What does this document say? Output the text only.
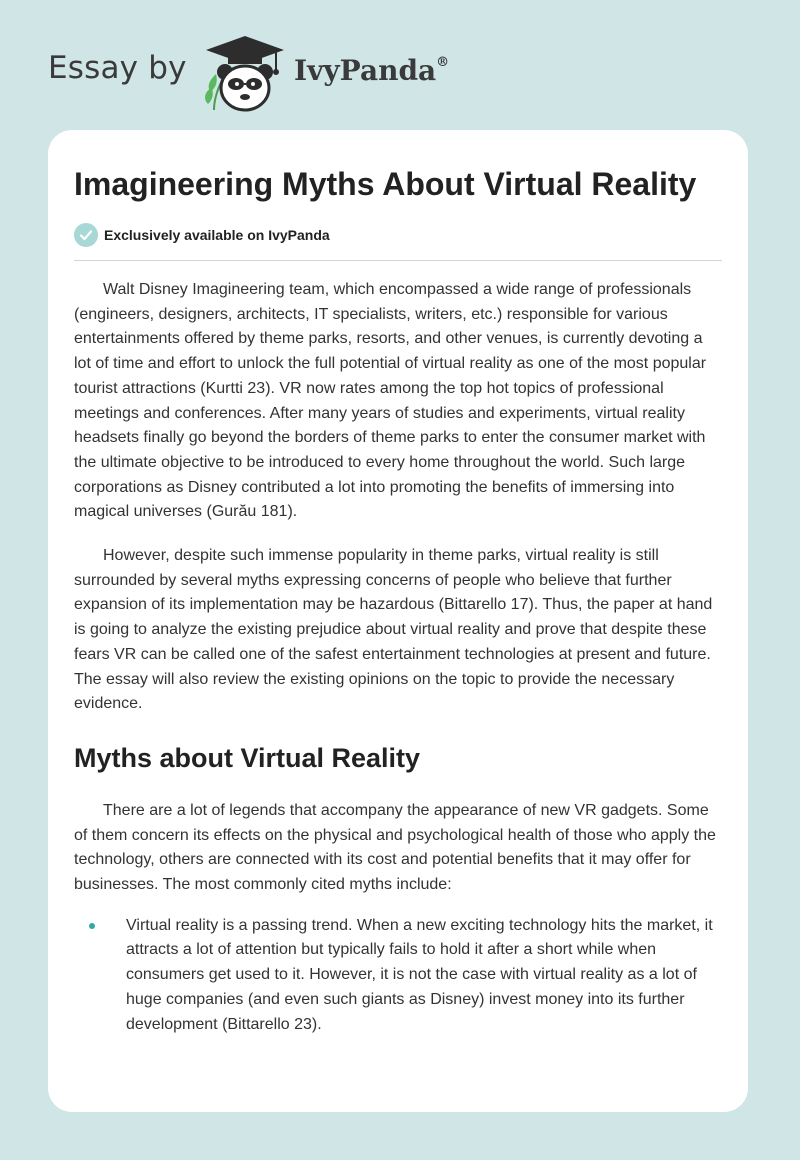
Essay by	IvyPanda®
Imagineering Myths About Virtual Reality
Exclusively available on IvyPanda

Walt Disney Imagineering team, which encompassed a wide range of professionals (engineers, designers, architects, IT specialists, writers, etc.) responsible for various entertainments offered by theme parks, resorts, and other venues, is currently devoting a lot of time and effort to unlock the full potential of virtual reality as one of the most popular tourist attractions (Kurtti 23). VR now rates among the top hot topics of professional meetings and conferences. After many years of studies and experiments, virtual reality headsets finally go beyond the borders of theme parks to enter the consumer market with the ultimate objective to be introduced to every home throughout the world. Such large corporations as Disney contributed a lot into promoting the benefits of immersing into magical universes (Gurău 181).

However, despite such immense popularity in theme parks, virtual reality is still surrounded by several myths expressing concerns of people who believe that further expansion of its implementation may be hazardous (Bittarello 17). Thus, the paper at hand is going to analyze the existing prejudice about virtual reality and prove that despite these fears VR can be called one of the safest entertainment technologies at present and future. The essay will also review the existing opinions on the topic to provide the necessary evidence.

Myths about Virtual Reality

There are a lot of legends that accompany the appearance of new VR gadgets. Some of them concern its effects on the physical and psychological health of those who apply the technology, others are connected with its cost and potential benefits that it may offer for businesses. The most commonly cited myths include:

Virtual reality is a passing trend. When a new exciting technology hits the market, it attracts a lot of attention but typically fails to hold it after a short while when consumers get used to it. However, it is not the case with virtual reality as a lot of huge companies (and even such giants as Disney) invest money into its further development (Bittarello 23).
